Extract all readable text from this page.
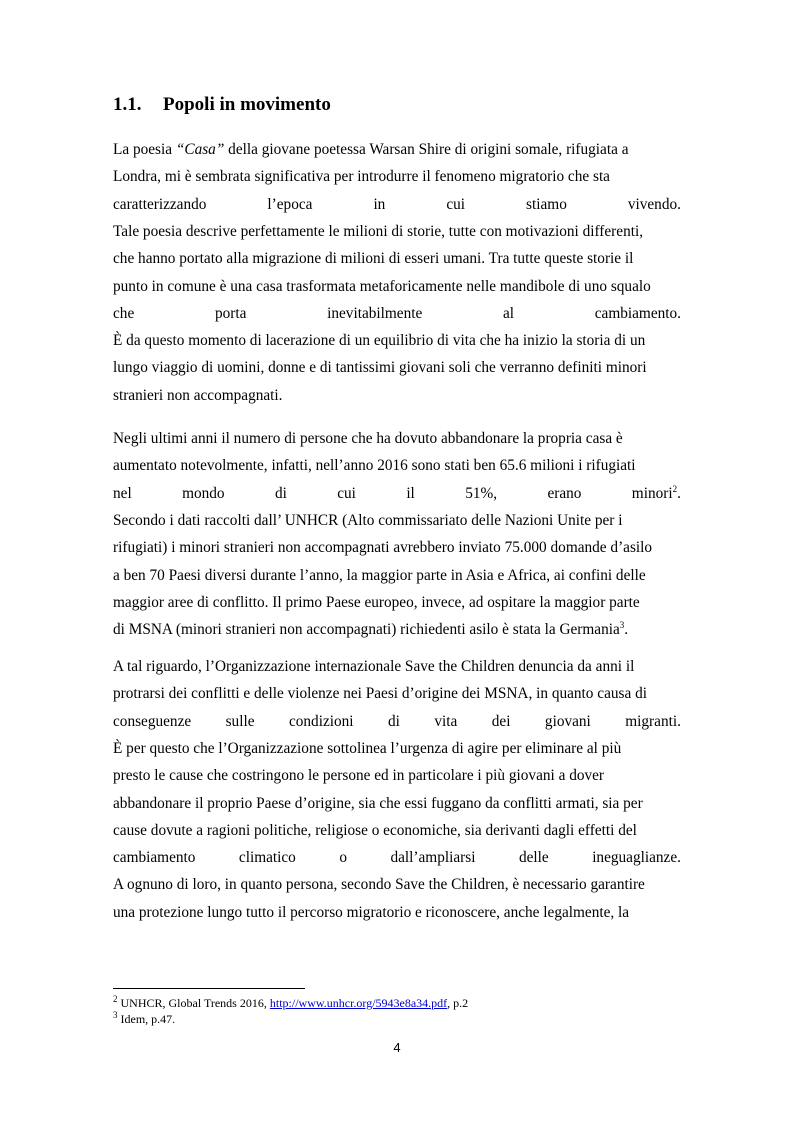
1.1. Popoli in movimento
La poesia “Casa” della giovane poetessa Warsan Shire di origini somale, rifugiata a
Londra, mi è sembrata significativa per introdurre il fenomeno migratorio che sta
caratterizzando	l’epoca	in	cui	stiamo	vivendo.
Tale poesia descrive perfettamente le milioni di storie, tutte con motivazioni differenti,
che hanno portato alla migrazione di milioni di esseri umani. Tra tutte queste storie il
punto in comune è una casa trasformata metaforicamente nelle mandibole di uno squalo
che	porta	inevitabilmente	al	cambiamento.
È da questo momento di lacerazione di un equilibrio di vita che ha inizio la storia di un
lungo viaggio di uomini, donne e di tantissimi giovani soli che verranno definiti minori
stranieri non accompagnati.
Negli ultimi anni il numero di persone che ha dovuto abbandonare la propria casa è
aumentato notevolmente, infatti, nell’anno 2016 sono stati ben 65.6 milioni i rifugiati
nel	mondo	di	cui	il	51%,	erano	minori$^2$.
Secondo i dati raccolti dall’ UNHCR (Alto commissariato delle Nazioni Unite per i
rifugiati) i minori stranieri non accompagnati avrebbero inviato 75.000 domande d’asilo
a ben 70 Paesi diversi durante l’anno, la maggior parte in Asia e Africa, ai confini delle
maggior aree di conflitto. Il primo Paese europeo, invece, ad ospitare la maggior parte
di MSNA (minori stranieri non accompagnati) richiedenti asilo è stata la Germania$^3$.
A tal riguardo, l’Organizzazione internazionale Save the Children denuncia da anni il
protrarsi dei conflitti e delle violenze nei Paesi d’origine dei MSNA, in quanto causa di
conseguenze sulle condizioni di vita dei giovani migranti.
È per questo che l’Organizzazione sottolinea l’urgenza di agire per eliminare al più
presto le cause che costringono le persone ed in particolare i più giovani a dover
abbandonare il proprio Paese d’origine, sia che essi fuggano da conflitti armati, sia per
cause dovute a ragioni politiche, religiose o economiche, sia derivanti dagli effetti del
cambiamento	climatico	o	dall’ampliarsi	delle	ineguaglianze.
A ognuno di loro, in quanto persona, secondo Save the Children, è necessario garantire
una protezione lungo tutto il percorso migratorio e riconoscere, anche legalmente, la
$^2$ UNHCR, Global Trends 2016, http://www.unhcr.org/5943e8a34.pdf, p.2
$^3$ Idem, p.47.
4
